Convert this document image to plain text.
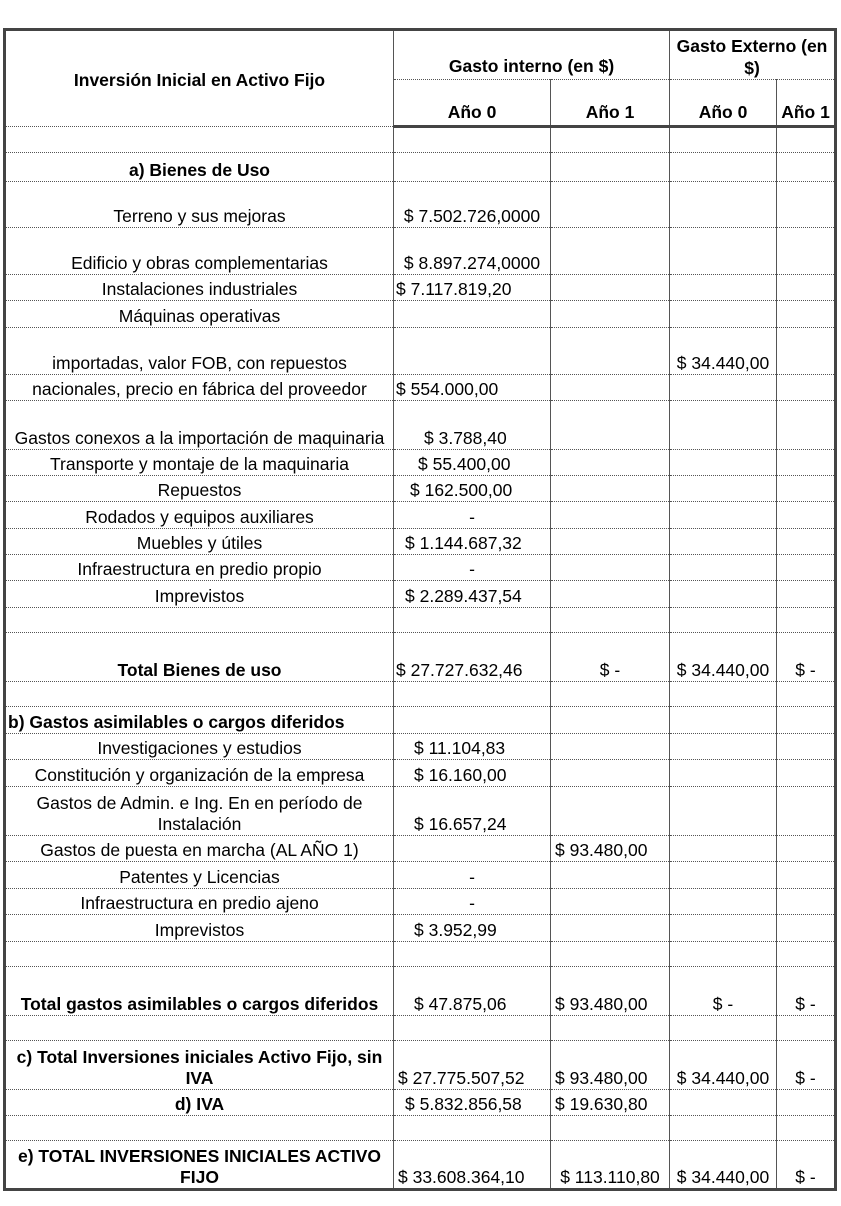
Inversión Inicial en Activo Fijo	Gasto interno (en $)		Gasto Externo (en $)	
	Año 0	Año 1	Año 0	Año 1

a) Bienes de Uso				
Terreno y sus mejoras	$ 7.502.726,0000			
Edificio y obras complementarias	$ 8.897.274,0000			
Instalaciones industriales	$ 7.117.819,20			
Máquinas operativas				
importadas, valor FOB, con repuestos			$ 34.440,00	
nacionales, precio en fábrica del proveedor	$ 554.000,00			
Gastos conexos a la importación de maquinaria	$ 3.788,40			
Transporte y montaje de la maquinaria	$ 55.400,00			
Repuestos	$ 162.500,00			
Rodados y equipos auxiliares	-			
Muebles y útiles	$ 1.144.687,32			
Infraestructura en predio propio	-			
Imprevistos	$ 2.289.437,54			

Total Bienes de uso	$ 27.727.632,46	$ -	$ 34.440,00	$ -

b) Gastos asimilables o cargos diferidos				
Investigaciones y estudios	$ 11.104,83			
Constitución y organización de la empresa	$ 16.160,00			
Gastos de Admin. e Ing. En en período de Instalación	$ 16.657,24			
Gastos de puesta en marcha (AL AÑO 1)		$ 93.480,00		
Patentes y Licencias	-			
Infraestructura en predio ajeno	-			
Imprevistos	$ 3.952,99			

Total gastos asimilables o cargos diferidos	$ 47.875,06	$ 93.480,00	$ -	$ -

c) Total Inversiones iniciales Activo Fijo, sin IVA	$ 27.775.507,52	$ 93.480,00	$ 34.440,00	$ -
d) IVA	$ 5.832.856,58	$ 19.630,80		

e) TOTAL INVERSIONES INICIALES ACTIVO FIJO	$ 33.608.364,10	$ 113.110,80	$ 34.440,00	$ -
